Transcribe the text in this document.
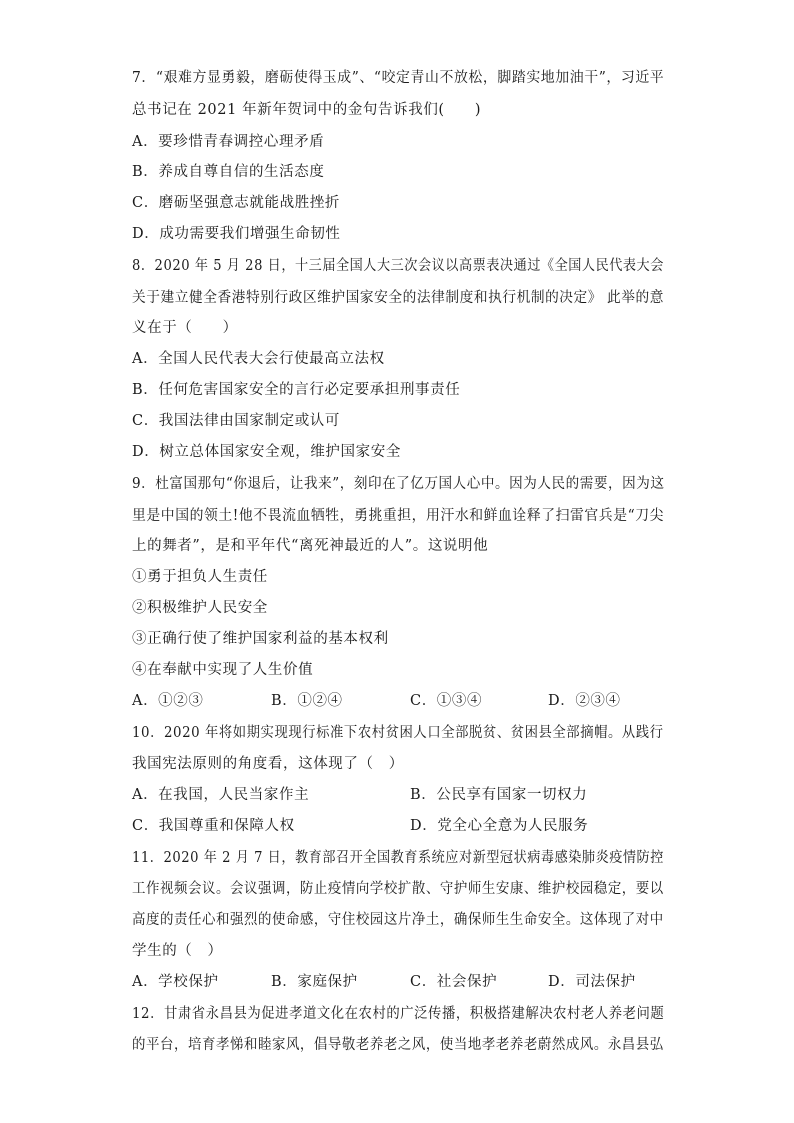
7．“艰难方显勇毅，磨砺使得玉成”、“咬定青山不放松，脚踏实地加油干”，习近平
总书记在 2021 年新年贺词中的金句告诉我们(　　)
A．要珍惜青春调控心理矛盾
B．养成自尊自信的生活态度
C．磨砺坚强意志就能战胜挫折
D．成功需要我们增强生命韧性
8．2020 年 5 月 28 日，十三届全国人大三次会议以高票表决通过《全国人民代表大会
关于建立健全香港特别行政区维护国家安全的法律制度和执行机制的决定》 此举的意
义在于（　　）
A．全国人民代表大会行使最高立法权
B．任何危害国家安全的言行必定要承担刑事责任
C．我国法律由国家制定或认可
D．树立总体国家安全观，维护国家安全
9．杜富国那句“你退后，让我来”，刻印在了亿万国人心中。因为人民的需要，因为这
里是中国的领土!他不畏流血牺牲，勇挑重担，用汗水和鲜血诠释了扫雷官兵是“刀尖
上的舞者”，是和平年代“离死神最近的人”。这说明他
①勇于担负人生责任
②积极维护人民安全
③正确行使了维护国家利益的基本权利
④在奉献中实现了人生价值
A．①②③	B．①②④	C．①③④	D．②③④
10．2020 年将如期实现现行标准下农村贫困人口全部脱贫、贫困县全部摘帽。从践行
我国宪法原则的角度看，这体现了（　）
A．在我国，人民当家作主	B．公民享有国家一切权力
C．我国尊重和保障人权	D．党全心全意为人民服务
11．2020 年 2 月 7 日，教育部召开全国教育系统应对新型冠状病毒感染肺炎疫情防控
工作视频会议。会议强调，防止疫情向学校扩散、守护师生安康、维护校园稳定，要以
高度的责任心和强烈的使命感，守住校园这片净土，确保师生生命安全。这体现了对中
学生的（　）
A．学校保护	B．家庭保护	C．社会保护	D．司法保护
12．甘肃省永昌县为促进孝道文化在农村的广泛传播，积极搭建解决农村老人养老问题
的平台，培育孝悌和睦家风，倡导敬老养老之风，使当地孝老养老蔚然成风。永昌县弘
